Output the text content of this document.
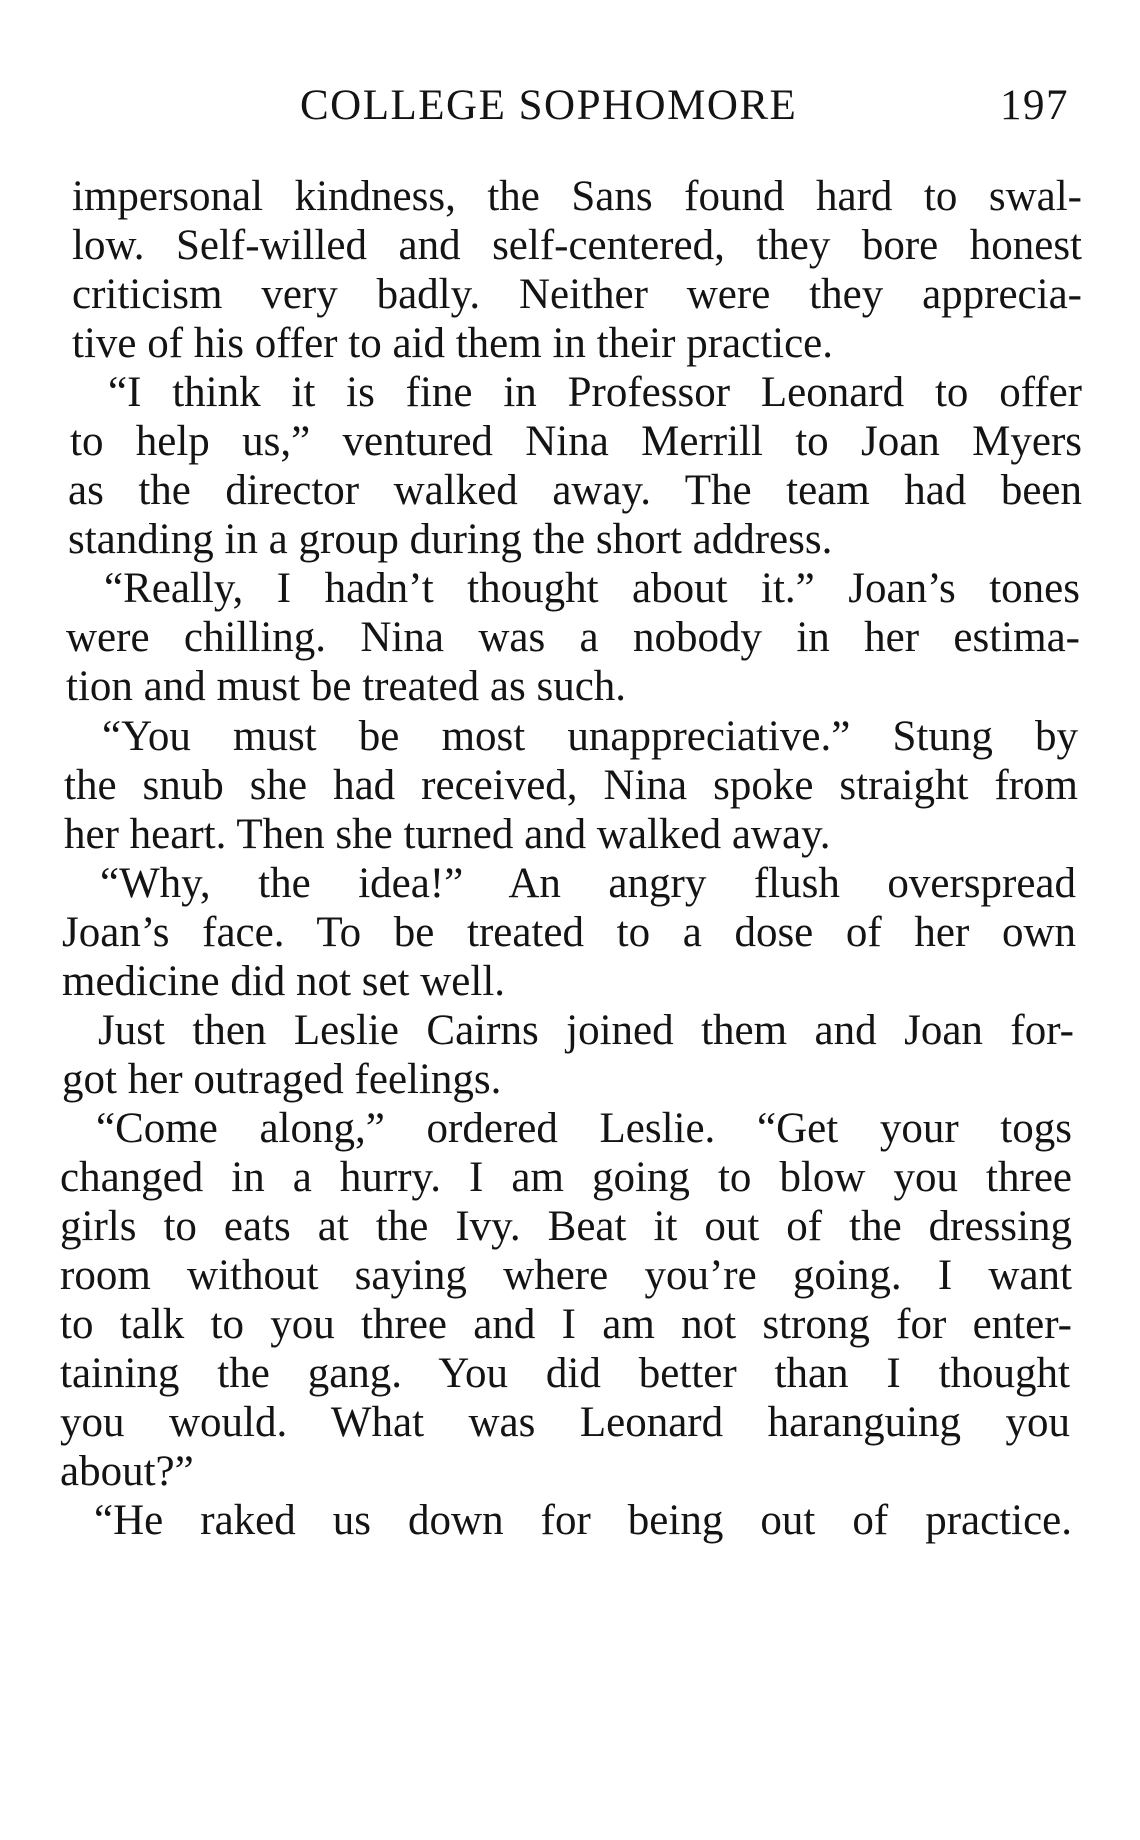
COLLEGE SOPHOMORE	197
impersonal kindness, the Sans found hard to swal-
low. Self-willed and self-centered, they bore honest
criticism very badly. Neither were they apprecia-
tive of his offer to aid them in their practice.
“I think it is fine in Professor Leonard to offer
to help us,” ventured Nina Merrill to Joan Myers
as the director walked away. The team had been
standing in a group during the short address.
“Really, I hadn’t thought about it.” Joan’s tones
were chilling. Nina was a nobody in her estima-
tion and must be treated as such.
“You must be most unappreciative.” Stung by
the snub she had received, Nina spoke straight from
her heart. Then she turned and walked away.
“Why, the idea!” An angry flush overspread
Joan’s face. To be treated to a dose of her own
medicine did not set well.
Just then Leslie Cairns joined them and Joan for-
got her outraged feelings.
“Come along,” ordered Leslie. “Get your togs
changed in a hurry. I am going to blow you three
girls to eats at the Ivy. Beat it out of the dressing
room without saying where you’re going. I want
to talk to you three and I am not strong for enter-
taining the gang. You did better than I thought
you would. What was Leonard haranguing you
about?”
“He raked us down for being out of practice.
